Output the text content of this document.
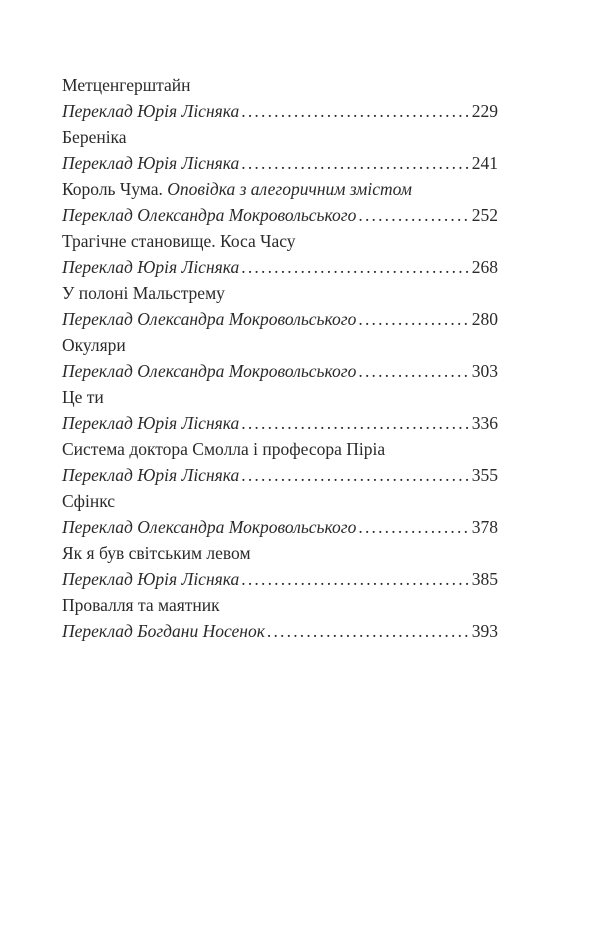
Метценгерштайн
Переклад Юрія Лісняка .....	229
Береніка
Переклад Юрія Лісняка .....	241
Король Чума.
Оповідка з алегоричним змістом
Переклад Олександра Мокровольського .....	252
Трагічне становище. Коса Часу
Переклад Юрія Лісняка .....	268
У полоні Мальстрему
Переклад Олександра Мокровольського .....	280
Окуляри
Переклад Олександра Мокровольського .....	303
Це ти
Переклад Юрія Лісняка .....	336
Система доктора Смолла і професора Піріа
Переклад Юрія Лісняка .....	355
Сфінкс
Переклад Олександра Мокровольського .....	378
Як я був світським левом
Переклад Юрія Лісняка .....	385
Провалля та маятник
Переклад Богдани Носенок .....	393
